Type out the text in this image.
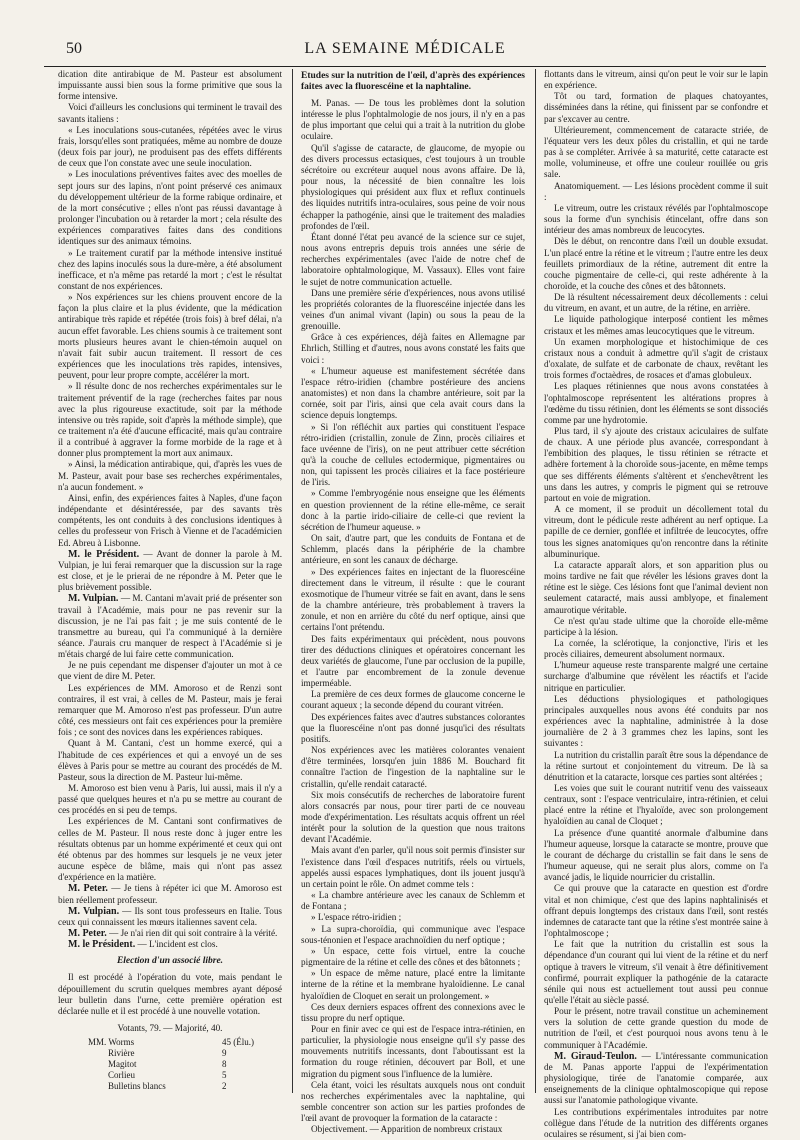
50	LA SEMAINE MÉDICALE

dication dite antirabique de M. Pasteur est absolument impuissante aussi bien sous la forme primitive que sous la forme intensive.

Voici d'ailleurs les conclusions qui terminent le travail des savants italiens :

« Les inoculations sous-cutanées, répétées avec le virus frais, lorsqu'elles sont pratiquées, même au nombre de douze (deux fois par jour), ne produisent pas des effets différents de ceux que l'on constate avec une seule inoculation.

» Les inoculations préventives faites avec des moelles de sept jours sur des lapins, n'ont point préservé ces animaux du développement ultérieur de la forme rabique ordinaire, et de la mort consécutive ; elles n'ont pas réussi davantage à prolonger l'incubation ou à retarder la mort ; cela résulte des expériences comparatives faites dans des conditions identiques sur des animaux témoins.

» Le traitement curatif par la méthode intensive institué chez des lapins inoculés sous la dure-mère, a été absolument inefficace, et n'a même pas retardé la mort ; c'est le résultat constant de nos expériences.

» Nos expériences sur les chiens prouvent encore de la façon la plus claire et la plus évidente, que la médication antirabique très rapide et répétée (trois fois) à bref délai, n'a aucun effet favorable. Les chiens soumis à ce traitement sont morts plusieurs heures avant le chien-témoin auquel on n'avait fait subir aucun traitement. Il ressort de ces expériences que les inoculations très rapides, intensives, peuvent, pour leur propre compte, accélérer la mort.

» Il résulte donc de nos recherches expérimentales sur le traitement préventif de la rage (recherches faites par nous avec la plus rigoureuse exactitude, soit par la méthode intensive ou très rapide, soit d'après la méthode simple), que ce traitement n'a été d'aucune efficacité, mais qu'au contraire il a contribué à aggraver la forme morbide de la rage et à donner plus promptement la mort aux animaux.

» Ainsi, la médication antirabique, qui, d'après les vues de M. Pasteur, avait pour base ses recherches expérimentales, n'a aucun fondement. »

Ainsi, enfin, des expériences faites à Naples, d'une façon indépendante et désintéressée, par des savants très compétents, les ont conduits à des conclusions identiques à celles du professeur von Frisch à Vienne et de l'académicien Ed. Abreu à Lisbonne.

M. le Président. — Avant de donner la parole à M. Vulpian, je lui ferai remarquer que la discussion sur la rage est close, et je le prierai de ne répondre à M. Peter que le plus brièvement possible.

M. Vulpian. — M. Cantani m'avait prié de présenter son travail à l'Académie, mais pour ne pas revenir sur la discussion, je ne l'ai pas fait ; je me suis contenté de le transmettre au bureau, qui l'a communiqué à la dernière séance. J'aurais cru manquer de respect à l'Académie si je m'étais chargé de lui faire cette communication.

Je ne puis cependant me dispenser d'ajouter un mot à ce que vient de dire M. Peter.

Les expériences de MM. Amoroso et de Renzi sont contraires, il est vrai, à celles de M. Pasteur, mais je ferai remarquer que M. Amoroso n'est pas professeur. D'un autre côté, ces messieurs ont fait ces expériences pour la première fois ; ce sont des novices dans les expériences rabiques.

Quant à M. Cantani, c'est un homme exercé, qui a l'habitude de ces expériences et qui a envoyé un de ses élèves à Paris pour se mettre au courant des procédés de M. Pasteur, sous la direction de M. Pasteur lui-même.

M. Amoroso est bien venu à Paris, lui aussi, mais il n'y a passé que quelques heures et n'a pu se mettre au courant de ces procédés en si peu de temps.

Les expériences de M. Cantani sont confirmatives de celles de M. Pasteur. Il nous reste donc à juger entre les résultats obtenus par un homme expérimenté et ceux qui ont été obtenus par des hommes sur lesquels je ne veux jeter aucune espèce de blâme, mais qui n'ont pas assez d'expérience en la matière.

M. Peter. — Je tiens à répéter ici que M. Amoroso est bien réellement professeur.

M. Vulpian. — Ils sont tous professeurs en Italie. Tous ceux qui connaissent les mœurs italiennes savent cela.

M. Peter. — Je n'ai rien dit qui soit contraire à la vérité.

M. le Président. — L'incident est clos.

Election d'un associé libre.

Il est procédé à l'opération du vote, mais pendant le dépouillement du scrutin quelques membres ayant déposé leur bulletin dans l'urne, cette première opération est déclarée nulle et il est procédé à une nouvelle votation.

Votants, 79. — Majorité, 40.
MM. Worms	45 (Élu.)
Rivière	9
Magitot	8
Corlieu	5
Bulletins blancs	2
Etudes sur la nutrition de l'œil, d'après des expériences faites avec la fluorescéine et la naphtaline.

M. Panas. — De tous les problèmes dont la solution intéresse le plus l'ophtalmologie de nos jours, il n'y en a pas de plus important que celui qui a trait à la nutrition du globe oculaire.

Qu'il s'agisse de cataracte, de glaucome, de myopie ou des divers processus ectasiques, c'est toujours à un trouble sécrétoire ou excréteur auquel nous avons affaire. De là, pour nous, la nécessité de bien connaître les lois physiologiques qui président aux flux et reflux continuels des liquides nutritifs intra-oculaires, sous peine de voir nous échapper la pathogénie, ainsi que le traitement des maladies profondes de l'œil.

Étant donné l'état peu avancé de la science sur ce sujet, nous avons entrepris depuis trois années une série de recherches expérimentales (avec l'aide de notre chef de laboratoire ophtalmologique, M. Vassaux). Elles vont faire le sujet de notre communication actuelle.

Dans une première série d'expériences, nous avons utilisé les propriétés colorantes de la fluorescéine injectée dans les veines d'un animal vivant (lapin) ou sous la peau de la grenouille.

Grâce à ces expériences, déjà faites en Allemagne par Ehrlich, Stilling et d'autres, nous avons constaté les faits que voici :

« L'humeur aqueuse est manifestement sécrétée dans l'espace rétro-iridien (chambre postérieure des anciens anatomistes) et non dans la chambre antérieure, soit par la cornée, soit par l'iris, ainsi que cela avait cours dans la science depuis longtemps.

» Si l'on réfléchit aux parties qui constituent l'espace rétro-iridien (cristallin, zonule de Zinn, procès ciliaires et face uvéenne de l'iris), on ne peut attribuer cette sécrétion qu'à la couche de cellules ectodermique, pigmentaires ou non, qui tapissent les procès ciliaires et la face postérieure de l'iris.

» Comme l'embryogénie nous enseigne que les éléments en question proviennent de la rétine elle-même, ce serait donc à la partie irido-ciliaire de celle-ci que revient la sécrétion de l'humeur aqueuse. »

On sait, d'autre part, que les conduits de Fontana et de Schlemm, placés dans la périphérie de la chambre antérieure, en sont les canaux de décharge.

» Des expériences faites en injectant de la fluorescéine directement dans le vitreum, il résulte : que le courant exosmotique de l'humeur vitrée se fait en avant, dans le sens de la chambre antérieure, très probablement à travers la zonule, et non en arrière du côté du nerf optique, ainsi que certains l'ont prétendu.

Des faits expérimentaux qui précèdent, nous pouvons tirer des déductions cliniques et opératoires concernant les deux variétés de glaucome, l'une par occlusion de la pupille, et l'autre par encombrement de la zonule devenue imperméable.

La première de ces deux formes de glaucome concerne le courant aqueux ; la seconde dépend du courant vitréen.

Des expériences faites avec d'autres substances colorantes que la fluorescéine n'ont pas donné jusqu'ici des résultats positifs.

Nos expériences avec les matières colorantes venaient d'être terminées, lorsqu'en juin 1886 M. Bouchard fit connaître l'action de l'ingestion de la naphtaline sur le cristallin, qu'elle rendait cataracté.

Six mois consécutifs de recherches de laboratoire furent alors consacrés par nous, pour tirer parti de ce nouveau mode d'expérimentation. Les résultats acquis offrent un réel intérêt pour la solution de la question que nous traitons devant l'Académie.

Mais avant d'en parler, qu'il nous soit permis d'insister sur l'existence dans l'œil d'espaces nutritifs, réels ou virtuels, appelés aussi espaces lymphatiques, dont ils jouent jusqu'à un certain point le rôle. On admet comme tels :

« La chambre antérieure avec les canaux de Schlemm et de Fontana ;

» L'espace rétro-iridien ;

» La supra-choroïdia, qui communique avec l'espace sous-ténonien et l'espace arachnoïdien du nerf optique ;

» Un espace, cette fois virtuel, entre la couche pigmentaire de la rétine et celle des cônes et des bâtonnets ;

» Un espace de même nature, placé entre la limitante interne de la rétine et la membrane hyaloïdienne. Le canal hyaloïdien de Cloquet en serait un prolongement. »

Ces deux derniers espaces offrent des connexions avec le tissu propre du nerf optique.

Pour en finir avec ce qui est de l'espace intra-rétinien, en particulier, la physiologie nous enseigne qu'il s'y passe des mouvements nutritifs incessants, dont l'aboutissant est la formation du rouge rétinien, découvert par Boll, et une migration du pigment sous l'influence de la lumière.

Cela étant, voici les résultats auxquels nous ont conduit nos recherches expérimentales avec la naphtaline, qui semble concentrer son action sur les parties profondes de l'œil avant de provoquer la formation de la cataracte :

Objectivement. — Apparition de nombreux cristaux

flottants dans le vitreum, ainsi qu'on peut le voir sur le lapin en expérience.

Tôt ou tard, formation de plaques chatoyantes, disséminées dans la rétine, qui finissent par se confondre et par s'excaver au centre.

Ultérieurement, commencement de cataracte striée, de l'équateur vers les deux pôles du cristallin, et qui ne tarde pas à se compléter. Arrivée à sa maturité, cette cataracte est molle, volumineuse, et offre une couleur rouillée ou gris sale.

Anatomiquement. — Les lésions procèdent comme il suit :

Le vitreum, outre les cristaux révélés par l'ophtalmoscope sous la forme d'un synchisis étincelant, offre dans son intérieur des amas nombreux de leucocytes.

Dès le début, on rencontre dans l'œil un double exsudat. L'un placé entre la rétine et le vitreum ; l'autre entre les deux feuillets primordiaux de la rétine, autrement dit entre la couche pigmentaire de celle-ci, qui reste adhérente à la choroïde, et la couche des cônes et des bâtonnets.

De là résultent nécessairement deux décollements : celui du vitreum, en avant, et un autre, de la rétine, en arrière.

Le liquide pathologique interposé contient les mêmes cristaux et les mêmes amas leucocytiques que le vitreum.

Un examen morphologique et histochimique de ces cristaux nous a conduit à admettre qu'il s'agit de cristaux d'oxalate, de sulfate et de carbonate de chaux, revêtant les trois formes d'octaèdres, de rosaces et d'amas globuleux.

Les plaques rétiniennes que nous avons constatées à l'ophtalmoscope représentent les altérations propres à l'œdème du tissu rétinien, dont les éléments se sont dissociés comme par une hydrotomie.

Plus tard, il s'y ajoute des cristaux aciculaires de sulfate de chaux. A une période plus avancée, correspondant à l'embibition des plaques, le tissu rétinien se rétracte et adhère fortement à la choroïde sous-jacente, en même temps que ses différents éléments s'altèrent et s'enchevêtrent les uns dans les autres, y compris le pigment qui se retrouve partout en voie de migration.

A ce moment, il se produit un décollement total du vitreum, dont le pédicule reste adhérent au nerf optique. La papille de ce dernier, gonflée et infiltrée de leucocytes, offre tous les signes anatomiques qu'on rencontre dans la rétinite albuminurique.

La cataracte apparaît alors, et son apparition plus ou moins tardive ne fait que révéler les lésions graves dont la rétine est le siège. Ces lésions font que l'animal devient non seulement cataracté, mais aussi amblyope, et finalement amaurotique véritable.

Ce n'est qu'au stade ultime que la choroïde elle-même participe à la lésion.

La cornée, la sclérotique, la conjonctive, l'iris et les procès ciliaires, demeurent absolument normaux.

L'humeur aqueuse reste transparente malgré une certaine surcharge d'albumine que révèlent les réactifs et l'acide nitrique en particulier.

Les déductions physiologiques et pathologiques principales auxquelles nous avons été conduits par nos expériences avec la naphtaline, administrée à la dose journalière de 2 à 3 grammes chez les lapins, sont les suivantes :

La nutrition du cristallin paraît être sous la dépendance de la rétine surtout et conjointement du vitreum. De là sa dénutrition et la cataracte, lorsque ces parties sont altérées ;

Les voies que suit le courant nutritif venu des vaisseaux centraux, sont : l'espace ventriculaire, intra-rétinien, et celui placé entre la rétine et l'hyaloïde, avec son prolongement hyaloïdien au canal de Cloquet ;

La présence d'une quantité anormale d'albumine dans l'humeur aqueuse, lorsque la cataracte se montre, prouve que le courant de décharge du cristallin se fait dans le sens de l'humeur aqueuse, qui ne serait plus alors, comme on l'a avancé jadis, le liquide nourricier du cristallin.

Ce qui prouve que la cataracte en question est d'ordre vital et non chimique, c'est que des lapins naphtalinisés et offrant depuis longtemps des cristaux dans l'œil, sont restés indemnes de cataracte tant que la rétine s'est montrée saine à l'ophtalmoscope ;

Le fait que la nutrition du cristallin est sous la dépendance d'un courant qui lui vient de la rétine et du nerf optique à travers le vitreum, s'il venait à être définitivement confirmé, pourrait expliquer la pathogénie de la cataracte sénile qui nous est actuellement tout aussi peu connue qu'elle l'était au siècle passé.

Pour le présent, notre travail constitue un acheminement vers la solution de cette grande question du mode de nutrition de l'œil, et c'est pourquoi nous avons tenu à le communiquer à l'Académie.

M. Giraud-Teulon. — L'intéressante communication de M. Panas apporte l'appui de l'expérimentation physiologique, tirée de l'anatomie comparée, aux enseignements de la clinique ophtalmoscopique qui repose aussi sur l'anatomie pathologique vivante.

Les contributions expérimentales introduites par notre collègue dans l'étude de la nutrition des différents organes oculaires se résument, si j'ai bien com-
